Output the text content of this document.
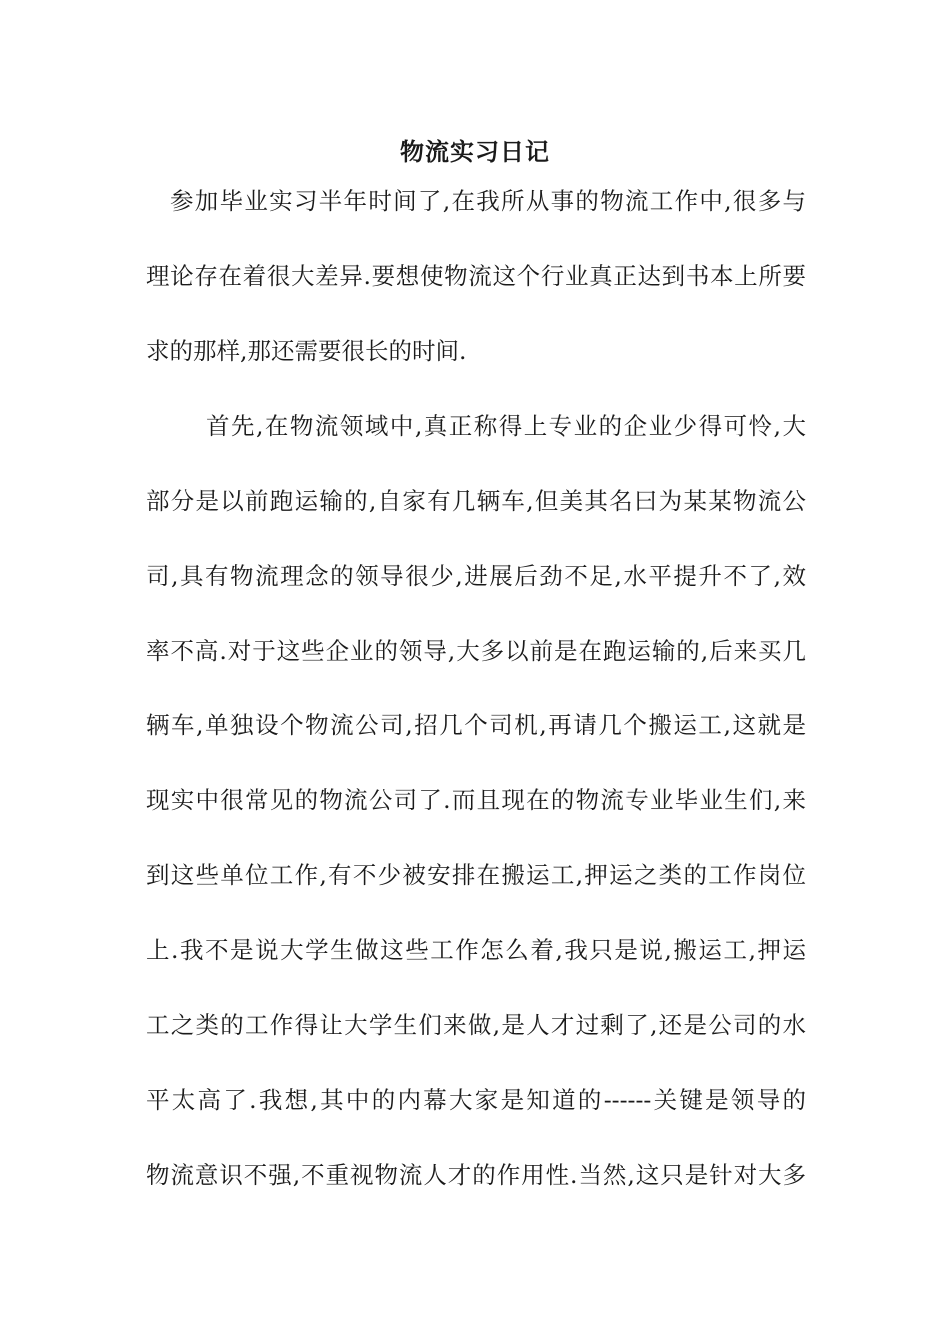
物流实习日记
参加毕业实习半年时间了,在我所从事的物流工作中,很多与
理论存在着很大差异.要想使物流这个行业真正达到书本上所要
求的那样,那还需要很长的时间.
首先,在物流领域中,真正称得上专业的企业少得可怜,大
部分是以前跑运输的,自家有几辆车,但美其名曰为某某物流公
司,具有物流理念的领导很少,进展后劲不足,水平提升不了,效
率不高.对于这些企业的领导,大多以前是在跑运输的,后来买几
辆车,单独设个物流公司,招几个司机,再请几个搬运工,这就是
现实中很常见的物流公司了.而且现在的物流专业毕业生们,来
到这些单位工作,有不少被安排在搬运工,押运之类的工作岗位
上.我不是说大学生做这些工作怎么着,我只是说,搬运工,押运
工之类的工作得让大学生们来做,是人才过剩了,还是公司的水
平太高了.我想,其中的内幕大家是知道的------关键是领导的
物流意识不强,不重视物流人才的作用性.当然,这只是针对大多
